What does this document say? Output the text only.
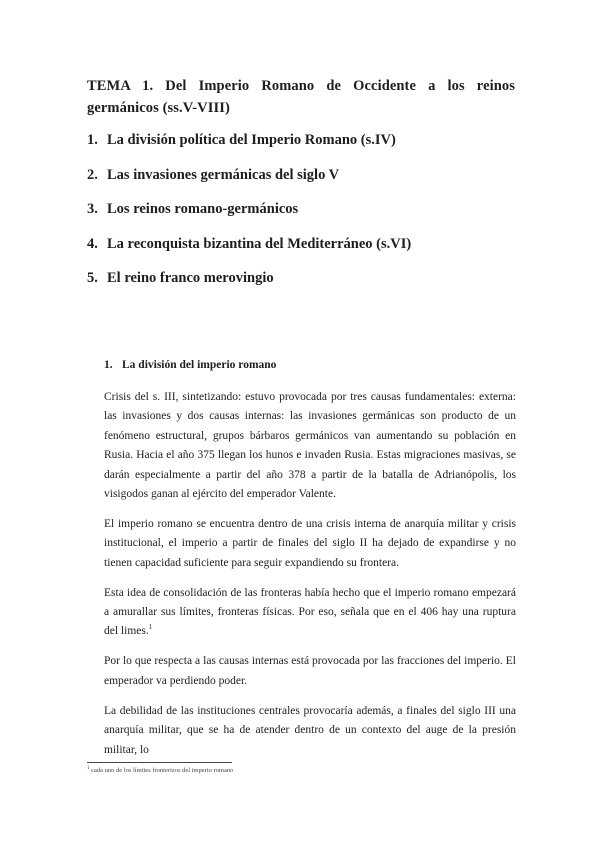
TEMA 1. Del Imperio Romano de Occidente a los reinos germánicos (ss.V-VIII)
1. La división política del Imperio Romano (s.IV)
2. Las invasiones germánicas del siglo V
3. Los reinos romano-germánicos
4. La reconquista bizantina del Mediterráneo (s.VI)
5. El reino franco merovingio
1. La división del imperio romano

Crisis del s. III, sintetizando: estuvo provocada por tres causas fundamentales: externa: las invasiones y dos causas internas: las invasiones germánicas son producto de un fenómeno estructural, grupos bárbaros germánicos van aumentando su población en Rusia. Hacia el año 375 llegan los hunos e invaden Rusia. Estas migraciones masivas, se darán especialmente a partir del año 378 a partir de la batalla de Adrianópolis, los visigodos ganan al ejército del emperador Valente.

El imperio romano se encuentra dentro de una crisis interna de anarquía militar y crisis institucional, el imperio a partir de finales del siglo II ha dejado de expandirse y no tienen capacidad suficiente para seguir expandiendo su frontera.

Esta idea de consolidación de las fronteras había hecho que el imperio romano empezará a amurallar sus límites, fronteras físicas. Por eso, señala que en el 406 hay una ruptura del limes.$^1$

Por lo que respecta a las causas internas está provocada por las fracciones del imperio. El emperador va perdiendo poder.

La debilidad de las instituciones centrales provocaría además, a finales del siglo III una anarquía militar, que se ha de atender dentro de un contexto del auge de la presión militar, lo

$^1$ cada uno de los límites fronterizos del imperio romano
